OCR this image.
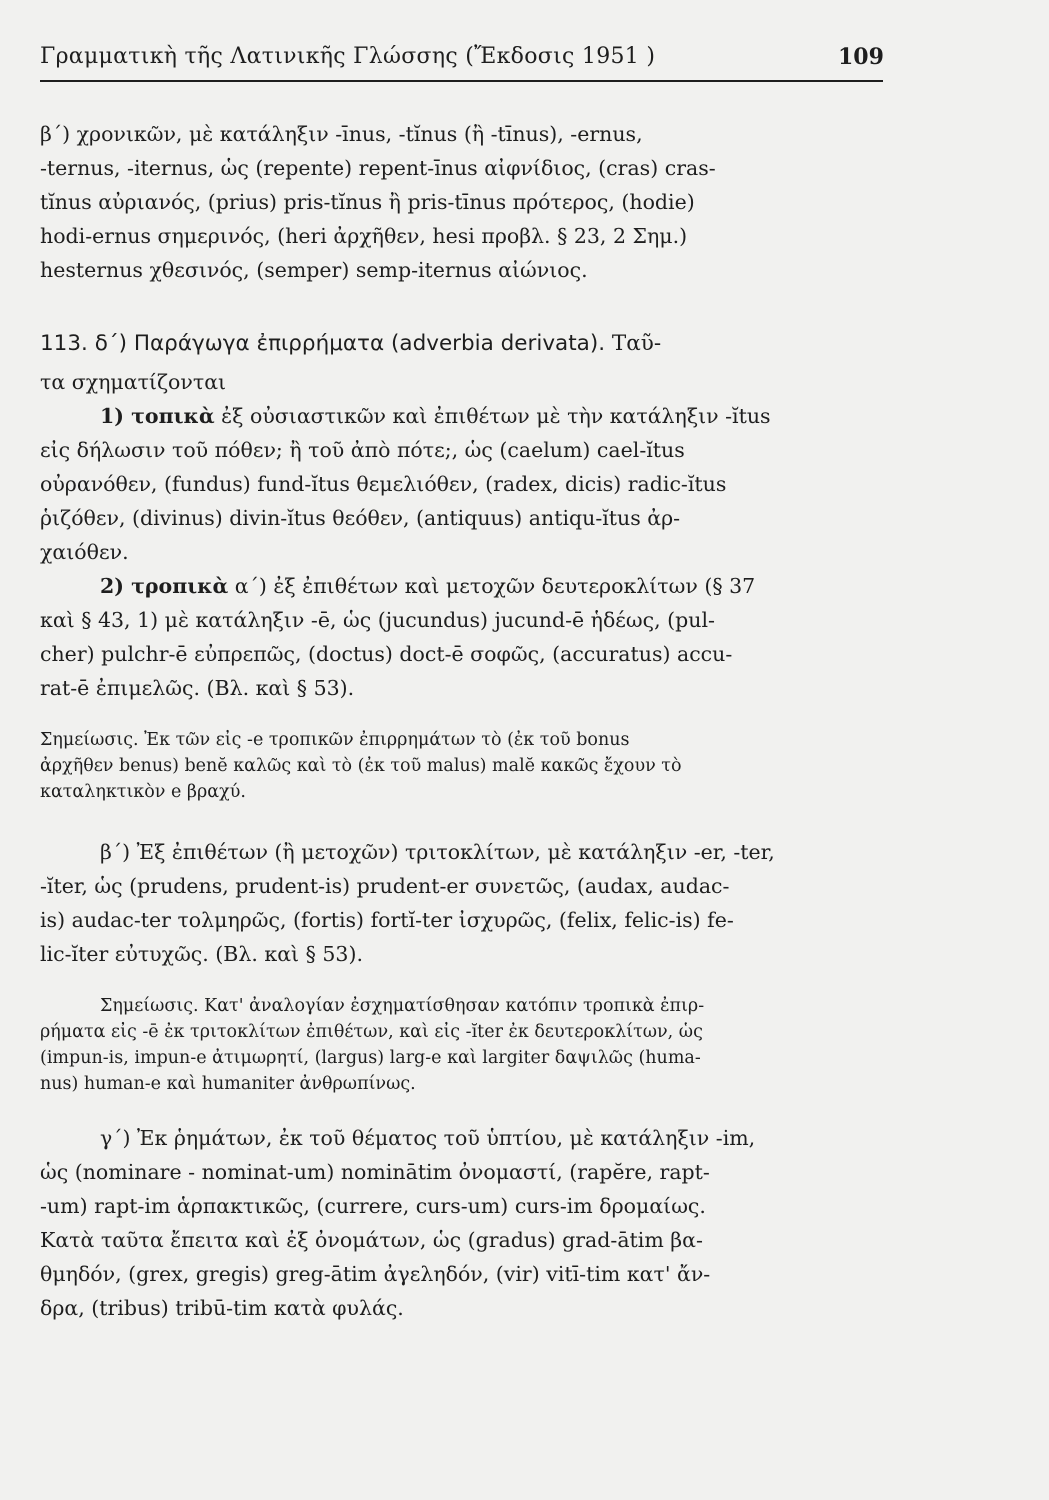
Γραμματικὴ τῆς Λατινικῆς Γλώσσης (Ἔκδοσις 1951 )	109
β΄) χρονικῶν, μὲ κατάληξιν -īnus, -tĭnus (ἢ -tīnus), -ernus,
-ternus, -iternus, ὡς (repente) repent-īnus αἰφνίδιος, (cras) cras-
tĭnus αὐριανός, (prius) pris-tĭnus ἢ pris-tīnus πρότερος, (hodie)
hodi-ernus σημερινός, (heri ἀρχῆθεν, hesi προβλ. § 23, 2 Σημ.)
hesternus χθεσινός, (semper) semp-iternus αἰώνιος.
113. δ΄) Παράγωγα ἐπιρρήματα (adverbia derivata). Ταῦ-
τα σχηματίζονται
1) τοπικὰ ἐξ οὐσιαστικῶν καὶ ἐπιθέτων μὲ τὴν κατάληξιν -ĭtus
εἰς δήλωσιν τοῦ πόθεν; ἢ τοῦ ἀπὸ πότε;, ὡς (caelum) cael-ĭtus
οὐρανόθεν, (fundus) fund-ĭtus θεμελιόθεν, (radex, dicis) radic-ĭtus
ῥιζόθεν, (divinus) divin-ĭtus θεόθεν, (antiquus) antiqu-ĭtus ἀρ-
χαιόθεν.
2) τροπικὰ α΄) ἐξ ἐπιθέτων καὶ μετοχῶν δευτεροκλίτων (§ 37
καὶ § 43, 1) μὲ κατάληξιν -ē, ὡς (jucundus) jucund-ē ἡδέως, (pul-
cher) pulchr-ē εὐπρεπῶς, (doctus) doct-ē σοφῶς, (accuratus) accu-
rat-ē ἐπιμελῶς. (Βλ. καὶ § 53).
Σημείωσις. Ἐκ τῶν εἰς -e τροπικῶν ἐπιρρημάτων τὸ (ἐκ τοῦ bonus
ἀρχῆθεν benus) benĕ καλῶς καὶ τὸ (ἐκ τοῦ malus) malĕ κακῶς ἔχουν τὸ
καταληκτικὸν e βραχύ.
β΄) Ἐξ ἐπιθέτων (ἢ μετοχῶν) τριτοκλίτων, μὲ κατάληξιν -er, -ter,
-ĭter, ὡς (prudens, prudent-is) prudent-er συνετῶς, (audax, audac-
is) audac-ter τολμηρῶς, (fortis) fortĭ-ter ἰσχυρῶς, (felix, felic-is) fe-
lic-ĭter εὐτυχῶς. (Βλ. καὶ § 53).
Σημείωσις. Κατ' ἀναλογίαν ἐσχηματίσθησαν κατόπιν τροπικὰ ἐπιρ-
ρήματα εἰς -ē ἐκ τριτοκλίτων ἐπιθέτων, καὶ εἰς -ĭter ἐκ δευτεροκλίτων, ὡς
(impun-is, impun-e ἀτιμωρητί, (largus) larg-e καὶ largiter δαψιλῶς (huma-
nus) human-e καὶ humaniter ἀνθρωπίνως.
γ΄) Ἐκ ῥημάτων, ἐκ τοῦ θέματος τοῦ ὑπτίου, μὲ κατάληξιν -im,
ὡς (nominare - nominat-um) nominātim ὀνομαστί, (rapĕre, rapt-
-um) rapt-im ἁρπακτικῶς, (currere, curs-um) curs-im δρομαίως.
Κατὰ ταῦτα ἔπειτα καὶ ἐξ ὀνομάτων, ὡς (gradus) grad-ātim βα-
θμηδόν, (grex, gregis) greg-ātim ἀγεληδόν, (vir) vitī-tim κατ' ἄν-
δρα, (tribus) tribū-tim κατὰ φυλάς.
